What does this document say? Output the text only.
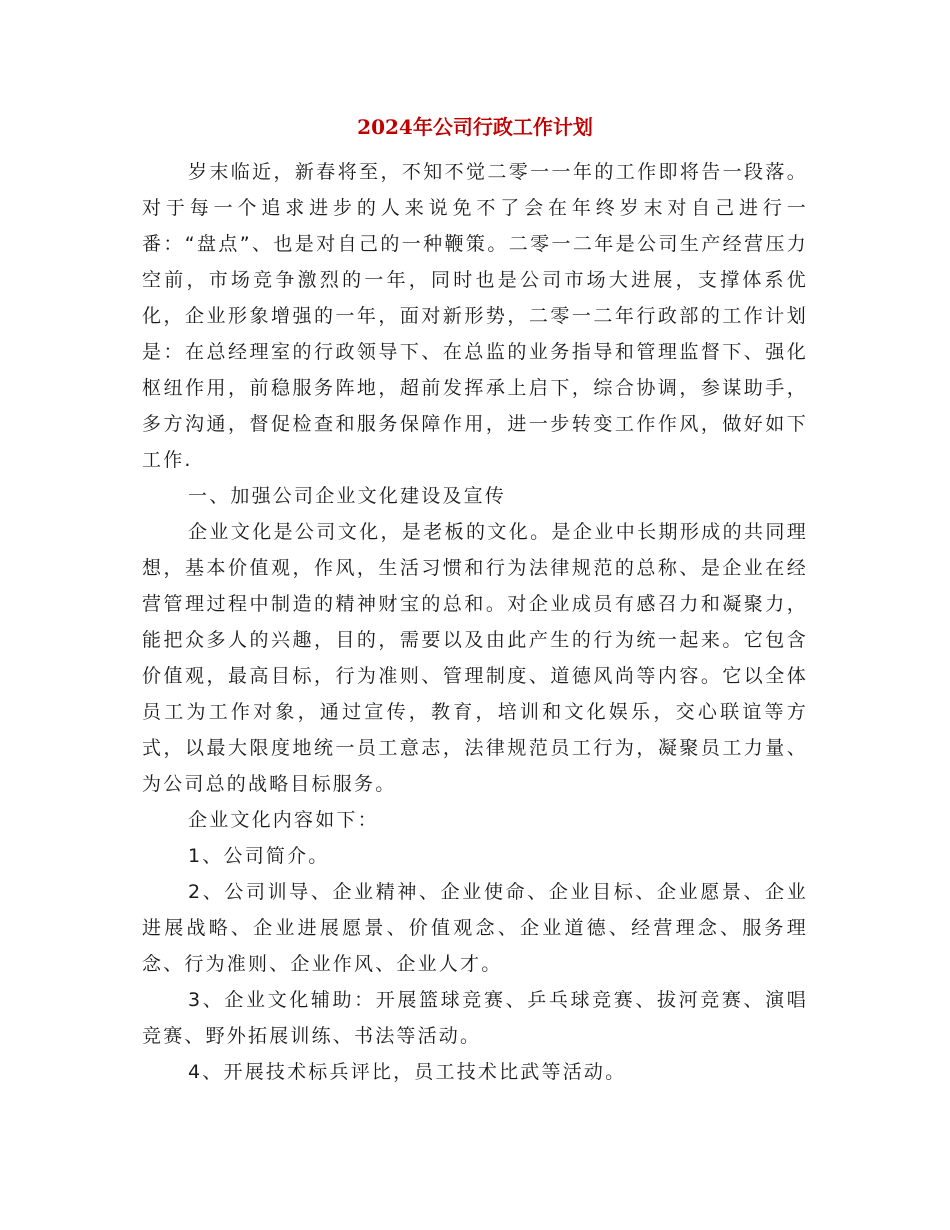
2024年公司行政工作计划

岁末临近，新春将至，不知不觉二零一一年的工作即将告一段落。对于每一个追求进步的人来说免不了会在年终岁末对自己进行一番：“盘点”、也是对自己的一种鞭策。二零一二年是公司生产经营压力空前，市场竞争激烈的一年，同时也是公司市场大进展，支撑体系优化，企业形象增强的一年，面对新形势，二零一二年行政部的工作计划是：在总经理室的行政领导下、在总监的业务指导和管理监督下、强化枢纽作用，前稳服务阵地，超前发挥承上启下，综合协调，参谋助手，多方沟通，督促检查和服务保障作用，进一步转变工作作风，做好如下工作.

一、加强公司企业文化建设及宣传

企业文化是公司文化，是老板的文化。是企业中长期形成的共同理想，基本价值观，作风，生活习惯和行为法律规范的总称、是企业在经营管理过程中制造的精神财宝的总和。对企业成员有感召力和凝聚力，能把众多人的兴趣，目的，需要以及由此产生的行为统一起来。它包含价值观，最高目标，行为准则、管理制度、道德风尚等内容。它以全体员工为工作对象，通过宣传，教育，培训和文化娱乐，交心联谊等方式，以最大限度地统一员工意志，法律规范员工行为，凝聚员工力量、为公司总的战略目标服务。

企业文化内容如下：

1、公司简介。

2、公司训导、企业精神、企业使命、企业目标、企业愿景、企业进展战略、企业进展愿景、价值观念、企业道德、经营理念、服务理念、行为准则、企业作风、企业人才。

3、企业文化辅助：开展篮球竞赛、乒乓球竞赛、拔河竞赛、演唱竞赛、野外拓展训练、书法等活动。

4、开展技术标兵评比，员工技术比武等活动。
